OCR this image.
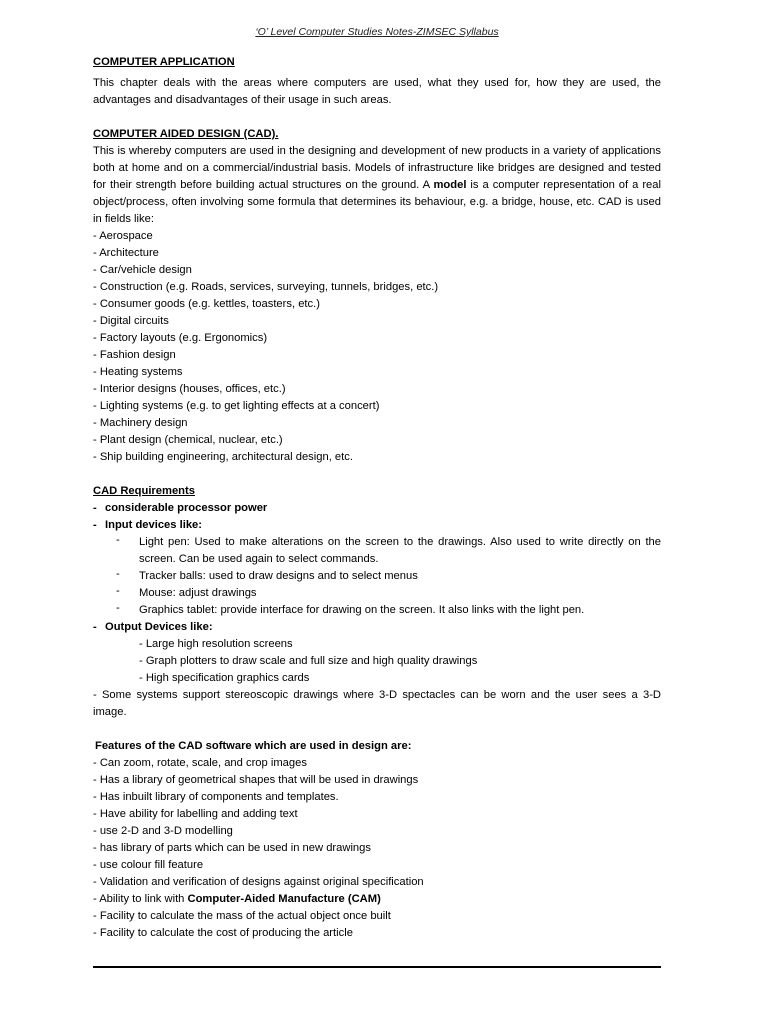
‘O’ Level Computer Studies Notes-ZIMSEC Syllabus
COMPUTER APPLICATION
This chapter deals with the areas where computers are used, what they used for, how they are used, the advantages and disadvantages of their usage in such areas.
COMPUTER AIDED DESIGN (CAD).
This is whereby computers are used in the designing and development of new products in a variety of applications both at home and on a commercial/industrial basis. Models of infrastructure like bridges are designed and tested for their strength before building actual structures on the ground. A model is a computer representation of a real object/process, often involving some formula that determines its behaviour, e.g. a bridge, house, etc. CAD is used in fields like:
- Aerospace
- Architecture
- Car/vehicle design
- Construction (e.g. Roads, services, surveying, tunnels, bridges, etc.)
- Consumer goods (e.g. kettles, toasters, etc.)
- Digital circuits
- Factory layouts (e.g. Ergonomics)
- Fashion design
- Heating systems
- Interior designs (houses, offices, etc.)
- Lighting systems (e.g. to get lighting effects at a concert)
- Machinery design
- Plant design (chemical, nuclear, etc.)
- Ship building engineering, architectural design, etc.
CAD Requirements
- considerable processor power
- Input devices like:
- Light pen: Used to make alterations on the screen to the drawings. Also used to write directly on the screen. Can be used again to select commands.
- Tracker balls: used to draw designs and to select menus
- Mouse: adjust drawings
- Graphics tablet: provide interface for drawing on the screen. It also links with the light pen.
- Output Devices like:
- Large high resolution screens
- Graph plotters to draw scale and full size and high quality drawings
- High specification graphics cards
- Some systems support stereoscopic drawings where 3-D spectacles can be worn and the user sees a 3-D image.
Features of the CAD software which are used in design are:
- Can zoom, rotate, scale, and crop images
- Has a library of geometrical shapes that will be used in drawings
- Has inbuilt library of components and templates.
- Have ability for labelling and adding text
- use 2-D and 3-D modelling
- has library of parts which can be used in new drawings
- use colour fill feature
- Validation and verification of designs against original specification
- Ability to link with Computer-Aided Manufacture (CAM)
- Facility to calculate the mass of the actual object once built
- Facility to calculate the cost of producing the article
